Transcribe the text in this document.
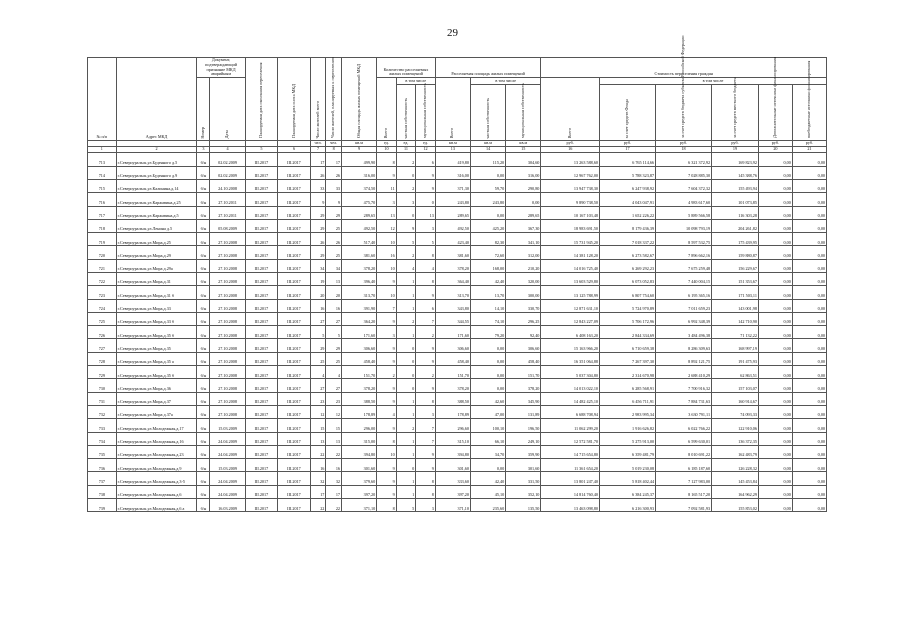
29
№ п/п	Адрес МКД	Документ, подтверждающий признание МКД аварийным		Планируемая дата окончания переселения	Планируемая дата сноса МКД	Число жителей всего	Число жителей, планируемых к переселению	Общая площадь жилых помещений МКД	Количество расселяемых жилых помещений			Расселяемая площадь жилых помещений			Стоимость переселения граждан					
		Номер	Дата						Всего	в том числе		Всего	в том числе		Всего	в том числе				
										частная собственность	муниципальная собственность		частная собственность	муниципальная собственность		за счет средств Фонда	за счет средств бюджета субъекта Российской Федерации	за счет средств местного бюджета	Дополнительные источники финансирования	внебюджетные источники финансирования
						чел.	чел.	кв.м	ед.	ед.	ед.	кв.м	кв.м	кв.м	руб.	руб.	руб.	руб.	руб.	руб.
1	2	3	4	5	6	7	8	9	10	11	12	13	14	15	16	17	18	19	20	21
713	г.Североуральск,ул.Буденного д.5	б/н	02.02.2009	III.2017	III.2017	17	17	499,90	8	2	6	419,80	115,20	304,60	13 263 588,60	6 765 114,66	6 321 372,92	169 823,92	0,00	0,00
714	г.Североуральск,ул.Буденного д.9	б/н	02.02.2009	III.2017	III.2017	26	26	316,00	9	0	9	316,00	0,00	316,00	12 967 762,00	5 788 323,87	7 028 885,30	145 388,76	0,00	0,00
715	г.Североуральск,ул.Калинина,д.14	б/н	24.10.2008	III.2017	III.2017	33	33	374,50	11	2	9	371,30	59,70	290,80	13 947 738,30	6 247 938,92	7 604 372,32	155 493,94	0,00	0,00
716	г.Североуральск,ул.Каржавина,д.25	б/н	27.10.2011	III.2017	III.2017	9	9	475,70	3	3	0	243,80	243,80	0,00	9 890 738,50	4 043 047,91	4 983 617,60	101 073,85	0,00	0,00
717	г.Североуральск,ул.Каржавина,д.5	б/н	27.10.2011	III.2017	III.2017	29	29	289,65	13	0	13	289,65	0,00	289,65	10 167 103,48	1 652 226,22	5 889 566,58	116 303,28	0,00	0,00
718	г.Североуральск,ул.Ленина д.5	б/н	05.08.2009	III.2017	III.2017	29	25	492,50	12	9	3	492,50	425,20	367,30	18 983 691,50	8 179 436,39	10 098 793,19	204 261,82	0,00	0,00
719	г.Североуральск,ул.Мира,д.25	б/н	27.10.2008	III.2017	III.2017	26	26	517,40	10	5	5	423,40	82,30	341,10	15 731 945,20	7 018 337,22	8 597 532,75	175 439,95	0,00	0,00
720	г.Североуральск,ул.Мира,д.29	б/н	27.10.2008	III.2017	III.2017	29	25	381,60	16	2	8	381,60	72,60	312,00	14 381 128,20	6 273 582,67	7 896 662,16	159 880,87	0,00	0,00
721	г.Североуральск,ул.Мира д.29а	б/н	27.10.2008	III.2017	III.2017	34	34	378,20	10	4	4	378,20	168,00	210,20	14 016 725,40	6 269 292,23	7 675 259,48	156 229,67	0,00	0,00
722	г.Североуральск,ул.Мира,д.31	б/н	27.10.2008	III.2017	III.2017	19	13	396,40	9	1	8	364,40	42,40	320,00	13 603 529,80	6 073 052,83	7 440 004,15	151 353,67	0,00	0,00
723	г.Североуральск,ул.Мира,д.31 б	б/н	27.10.2008	III.2017	III.2017	20	20	313,70	10	1	9	313,70	13,70	300,00	13 125 788,99	6 807 754,60	6 195 365,16	171 503,11	0,00	0,00
724	г.Североуральск,ул.Мира,д.33	б/н	27.10.2008	III.2017	III.2017	16	16	391,90	7	1	6	343,80	14,10	330,70	12 871 631,10	5 724 970,89	7 011 659,23	143 001,98	0,00	0,00
725	г.Североуральск,ул.Мира,д.33 б	б/н	27.10.2008	III.2017	III.2017	27	27	364,20	9	2	7	344,55	74,10	296,25	12 843 227,09	5 706 172,96	6 992 348,39	142 710,90	0,00	0,00
726	г.Североуральск,ул.Мира,д.35 б	б/н	27.10.2008	III.2017	III.2017	5	5	171,60	3	1	2	171,60	79,20	92,40	6 408 163,20	2 844 334,69	3 484 496,38	71 132,22	0,00	0,00
727	г.Североуральск,ул.Мира,д.35	б/н	27.10.2008	III.2017	III.2017	29	29	306,60	9	0	9	306,60	0,00	306,60	15 163 966,20	6 710 659,38	8 286 309,63	168 997,19	0,00	0,00
728	г.Североуральск,ул.Мира,д.35 а	б/н	27.10.2008	III.2017	III.2017	25	25	458,40	9	0	9	458,40	0,00	458,40	16 351 064,88	7 267 397,30	8 892 121,75	191 475,93	0,00	0,00
729	г.Североуральск,ул.Мира,д.35 б	б/н	27.10.2008	III.2017	III.2017	4	4	151,70	2	0	2	151,70	0,00	151,70	5 037 304,80	2 314 670,98	2 688 410,29	62 863,51	0,00	0,00
730	г.Североуральск,ул.Мира,д.36	б/н	27.10.2008	III.2017	III.2017	27	27	378,20	9	0	9	378,20	0,00	378,20	14 013 022,10	6 285 568,91	7 700 916,32	157 103,07	0,00	0,00
731	г.Североуральск,ул.Мира,д.37	б/н	27.10.2008	III.2017	III.2017	23	23	388,50	9	1	8	388,50	42,60	345,90	14 482 425,10	6 456 711,91	7 884 731,63	160 914,67	0,00	0,00
732	г.Североуральск,ул.Мира д.37а	б/н	27.10.2008	III.2017	III.2017	12	12	178,89	4	1	3	178,89	47,00	131,89	6 688 708,94	2 983 995,34	3 630 791,11	74 093,33	0,00	0,00
733	г.Североуральск,ул.Молодежная,д.17	б/н	15.03.2009	III.2017	III.2017	15	15	296,00	9	2	7	296,60	100,10	196,50	11 062 299,20	1 916 626,82	6 022 766,22	122 910,06	0,00	0,00
734	г.Североуральск,ул.Молодежная,д.16	б/н	24.04.2009	III.2017	III.2017	13	13	315,00	8	1	7	315,10	66,10	249,10	12 572 581,70	5 275 913,00	6 599 630,01	136 372,35	0,00	0,00
735	г.Североуральск,ул.Молодежная,д.23	б/н	24.04.2009	III.2017	III.2017	22	22	394,80	10	1	9	394,80	34,70	359,90	14 715 654,80	6 359 481,79	8 010 691,22	162 483,79	0,00	0,00
736	г.Североуральск,ул.Молодежная,д.9	б/н	15.03.2009	III.2017	III.2017	16	16	301,60	9	0	9	301,60	0,00	301,60	11 361 654,20	5 019 230,08	6 185 187,60	126 228,32	0,00	0,00
737	г.Североуральск,ул.Молодежная,д.3-5	б/н	24.04.2009	III.2017	III.2017	32	32	379,60	9	1	8	333,60	42,40	331,50	13 801 247,40	5 818 402,44	7 127 983,00	145 453,84	0,00	0,00
738	г.Североуральск,ул.Молодежная,д.6	б/н	24.04.2009	III.2017	III.2017	17	17	397,20	9	1	8	397,20	45,10	352,10	14 814 760,40	6 384 245,37	8 165 517,20	164 962,29	0,00	0,00
739	г.Североуральск,ул.Молодежная,д.6 а	б/н	16.03.2009	III.2017	III.2017	22	22	371,10	8	5	3	371,10	235,60	135,50	13 463 098,80	6 216 300,93	7 092 581,93	155 853,02	0,00	0,00
